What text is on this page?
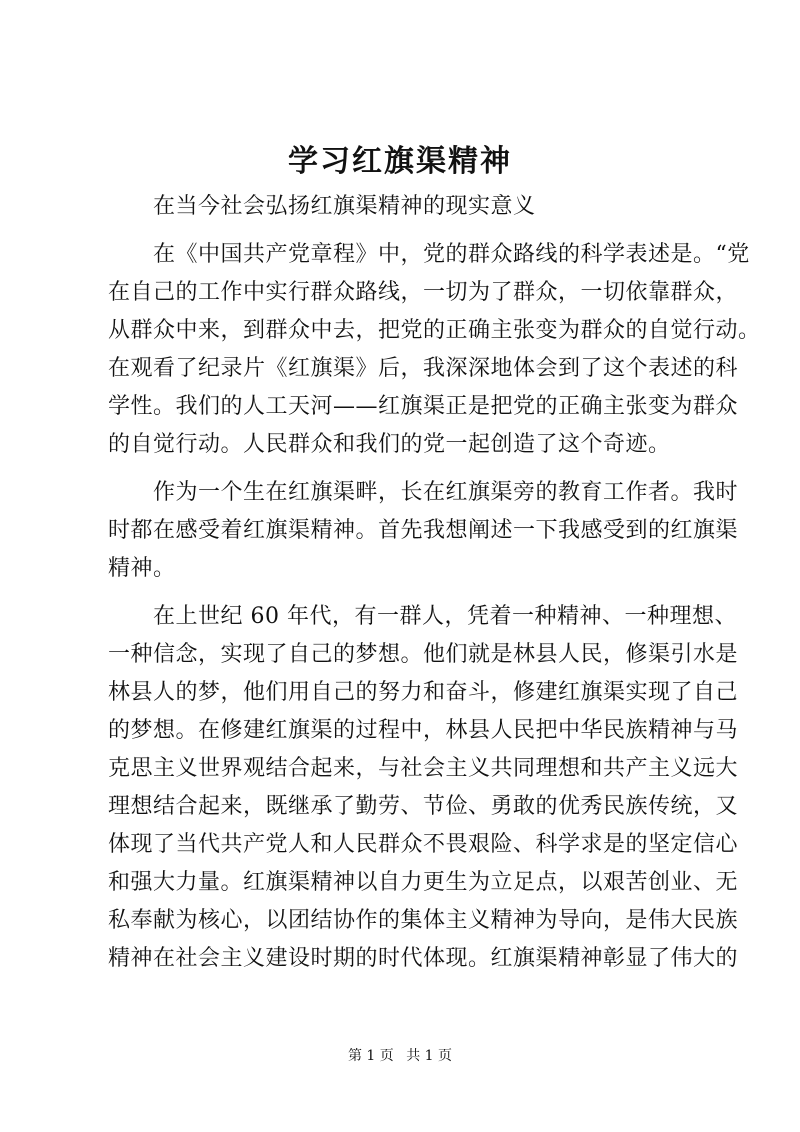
学习红旗渠精神
　　在当今社会弘扬红旗渠精神的现实意义
　　在《中国共产党章程》中，党的群众路线的科学表述是。“党
在自己的工作中实行群众路线，一切为了群众，一切依靠群众，
从群众中来，到群众中去，把党的正确主张变为群众的自觉行动。
在观看了纪录片《红旗渠》后，我深深地体会到了这个表述的科
学性。我们的人工天河——红旗渠正是把党的正确主张变为群众
的自觉行动。人民群众和我们的党一起创造了这个奇迹。
　　作为一个生在红旗渠畔，长在红旗渠旁的教育工作者。我时
时都在感受着红旗渠精神。首先我想阐述一下我感受到的红旗渠
精神。
　　在上世纪 60 年代，有一群人，凭着一种精神、一种理想、
一种信念，实现了自己的梦想。他们就是林县人民，修渠引水是
林县人的梦，他们用自己的努力和奋斗，修建红旗渠实现了自己
的梦想。在修建红旗渠的过程中，林县人民把中华民族精神与马
克思主义世界观结合起来，与社会主义共同理想和共产主义远大
理想结合起来，既继承了勤劳、节俭、勇敢的优秀民族传统，又
体现了当代共产党人和人民群众不畏艰险、科学求是的坚定信心
和强大力量。红旗渠精神以自力更生为立足点，以艰苦创业、无
私奉献为核心，以团结协作的集体主义精神为导向，是伟大民族
精神在社会主义建设时期的时代体现。红旗渠精神彰显了伟大的
第 1 页 共 1 页
